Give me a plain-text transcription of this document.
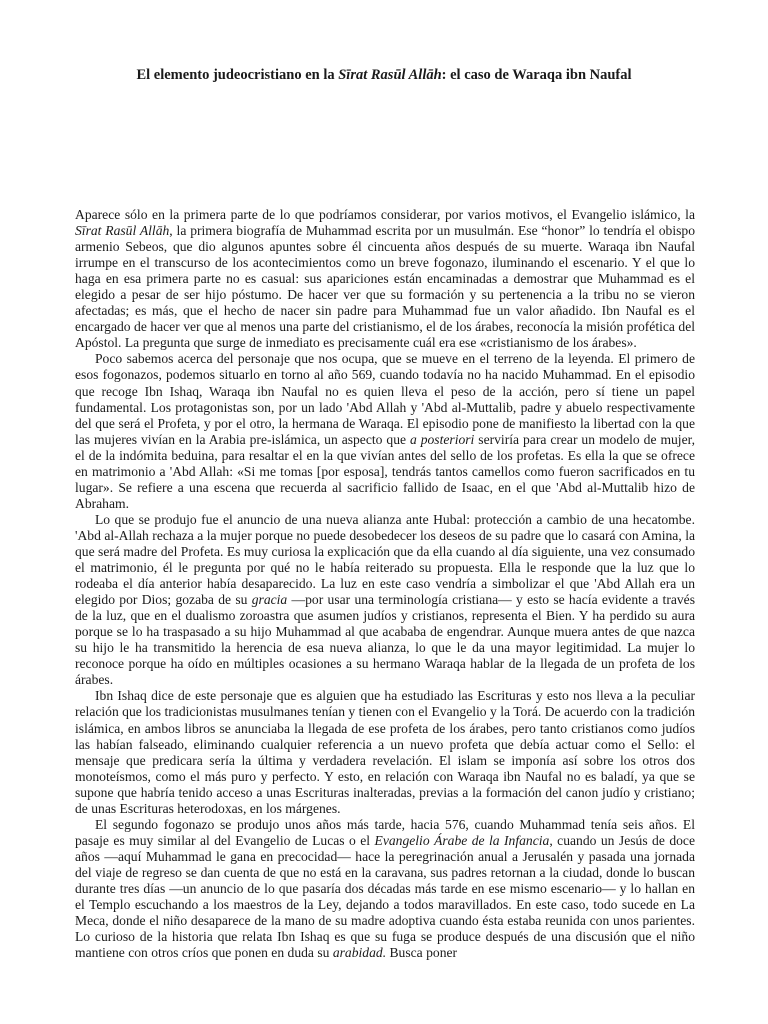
El elemento judeocristiano en la Sīrat Rasūl Allāh: el caso de Waraqa ibn Naufal

Aparece sólo en la primera parte de lo que podríamos considerar, por varios motivos, el Evangelio islámico, la Sīrat Rasūl Allāh, la primera biografía de Muhammad escrita por un musulmán. Ese “honor” lo tendría el obispo armenio Sebeos, que dio algunos apuntes sobre él cincuenta años después de su muerte. Waraqa ibn Naufal irrumpe en el transcurso de los acontecimientos como un breve fogonazo, iluminando el escenario. Y el que lo haga en esa primera parte no es casual: sus apariciones están encaminadas a demostrar que Muhammad es el elegido a pesar de ser hijo póstumo. De hacer ver que su formación y su pertenencia a la tribu no se vieron afectadas; es más, que el hecho de nacer sin padre para Muhammad fue un valor añadido. Ibn Naufal es el encargado de hacer ver que al menos una parte del cristianismo, el de los árabes, reconocía la misión profética del Apóstol. La pregunta que surge de inmediato es precisamente cuál era ese «cristianismo de los árabes».

Poco sabemos acerca del personaje que nos ocupa, que se mueve en el terreno de la leyenda. El primero de esos fogonazos, podemos situarlo en torno al año 569, cuando todavía no ha nacido Muhammad. En el episodio que recoge Ibn Ishaq, Waraqa ibn Naufal no es quien lleva el peso de la acción, pero sí tiene un papel fundamental. Los protagonistas son, por un lado 'Abd Allah y 'Abd al-Muttalib, padre y abuelo respectivamente del que será el Profeta, y por el otro, la hermana de Waraqa. El episodio pone de manifiesto la libertad con la que las mujeres vivían en la Arabia pre-islámica, un aspecto que a posteriori serviría para crear un modelo de mujer, el de la indómita beduina, para resaltar el en la que vivían antes del sello de los profetas. Es ella la que se ofrece en matrimonio a 'Abd Allah: «Si me tomas [por esposa], tendrás tantos camellos como fueron sacrificados en tu lugar». Se refiere a una escena que recuerda al sacrificio fallido de Isaac, en el que 'Abd al-Muttalib hizo de Abraham.

Lo que se produjo fue el anuncio de una nueva alianza ante Hubal: protección a cambio de una hecatombe. 'Abd al-Allah rechaza a la mujer porque no puede desobedecer los deseos de su padre que lo casará con Amina, la que será madre del Profeta. Es muy curiosa la explicación que da ella cuando al día siguiente, una vez consumado el matrimonio, él le pregunta por qué no le había reiterado su propuesta. Ella le responde que la luz que lo rodeaba el día anterior había desaparecido. La luz en este caso vendría a simbolizar el que 'Abd Allah era un elegido por Dios; gozaba de su gracia —por usar una terminología cristiana— y esto se hacía evidente a través de la luz, que en el dualismo zoroastra que asumen judíos y cristianos, representa el Bien. Y ha perdido su aura porque se lo ha traspasado a su hijo Muhammad al que acababa de engendrar. Aunque muera antes de que nazca su hijo le ha transmitido la herencia de esa nueva alianza, lo que le da una mayor legitimidad. La mujer lo reconoce porque ha oído en múltiples ocasiones a su hermano Waraqa hablar de la llegada de un profeta de los árabes.

Ibn Ishaq dice de este personaje que es alguien que ha estudiado las Escrituras y esto nos lleva a la peculiar relación que los tradicionistas musulmanes tenían y tienen con el Evangelio y la Torá. De acuerdo con la tradición islámica, en ambos libros se anunciaba la llegada de ese profeta de los árabes, pero tanto cristianos como judíos las habían falseado, eliminando cualquier referencia a un nuevo profeta que debía actuar como el Sello: el mensaje que predicara sería la última y verdadera revelación. El islam se imponía así sobre los otros dos monoteísmos, como el más puro y perfecto. Y esto, en relación con Waraqa ibn Naufal no es baladí, ya que se supone que habría tenido acceso a unas Escrituras inalteradas, previas a la formación del canon judío y cristiano; de unas Escrituras heterodoxas, en los márgenes.

El segundo fogonazo se produjo unos años más tarde, hacia 576, cuando Muhammad tenía seis años. El pasaje es muy similar al del Evangelio de Lucas o el Evangelio Árabe de la Infancia, cuando un Jesús de doce años —aquí Muhammad le gana en precocidad— hace la peregrinación anual a Jerusalén y pasada una jornada del viaje de regreso se dan cuenta de que no está en la caravana, sus padres retornan a la ciudad, donde lo buscan durante tres días —un anuncio de lo que pasaría dos décadas más tarde en ese mismo escenario— y lo hallan en el Templo escuchando a los maestros de la Ley, dejando a todos maravillados. En este caso, todo sucede en La Meca, donde el niño desaparece de la mano de su madre adoptiva cuando ésta estaba reunida con unos parientes. Lo curioso de la historia que relata Ibn Ishaq es que su fuga se produce después de una discusión que el niño mantiene con otros críos que ponen en duda su arabidad. Busca poner
